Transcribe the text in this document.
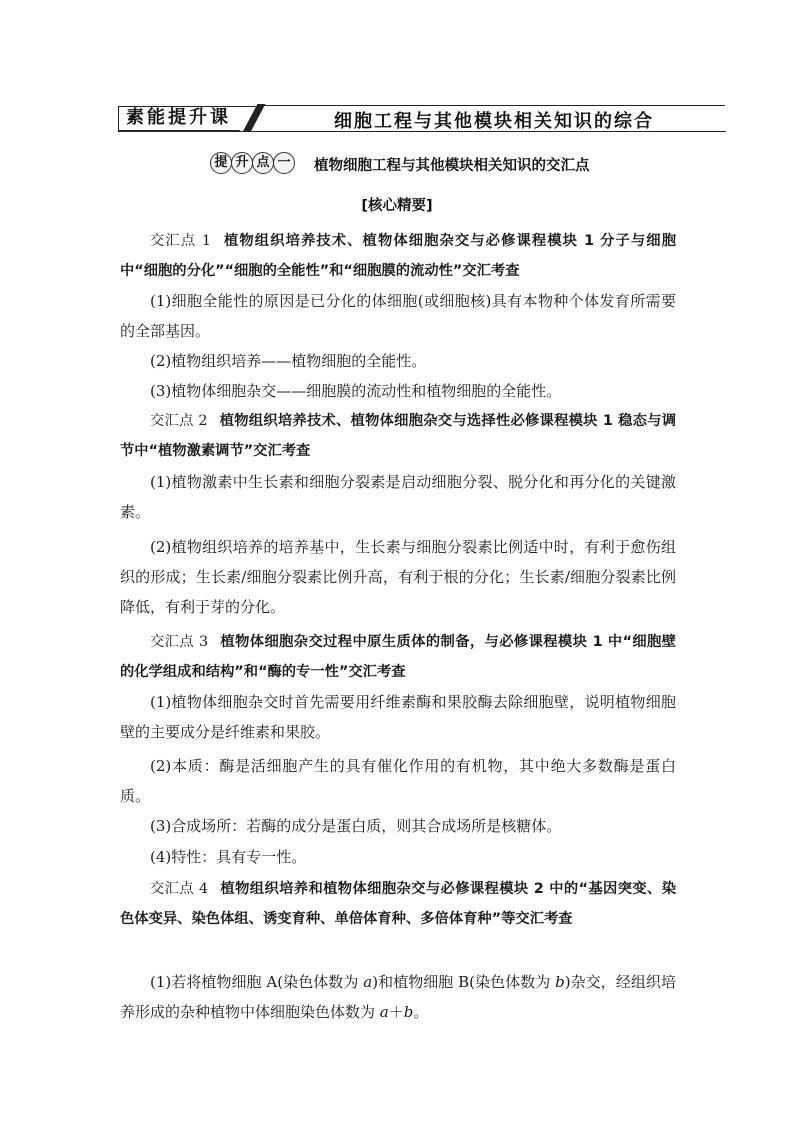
素能提升课	细胞工程与其他模块相关知识的综合
提 升 点 一	植物细胞工程与其他模块相关知识的交汇点
[核心精要]

交汇点 1 植物组织培养技术、植物体细胞杂交与必修课程模块 1 分子与细胞中“细胞的分化”“细胞的全能性”和“细胞膜的流动性”交汇考查

(1)细胞全能性的原因是已分化的体细胞(或细胞核)具有本物种个体发育所需要的全部基因。

(2)植物组织培养——植物细胞的全能性。

(3)植物体细胞杂交——细胞膜的流动性和植物细胞的全能性。

交汇点 2 植物组织培养技术、植物体细胞杂交与选择性必修课程模块 1 稳态与调节中“植物激素调节”交汇考查

(1)植物激素中生长素和细胞分裂素是启动细胞分裂、脱分化和再分化的关键激素。

(2)植物组织培养的培养基中，生长素与细胞分裂素比例适中时，有利于愈伤组织的形成；生长素/细胞分裂素比例升高，有利于根的分化；生长素/细胞分裂素比例降低，有利于芽的分化。

交汇点 3 植物体细胞杂交过程中原生质体的制备，与必修课程模块 1 中“细胞壁的化学组成和结构”和“酶的专一性”交汇考查

(1)植物体细胞杂交时首先需要用纤维素酶和果胶酶去除细胞壁，说明植物细胞壁的主要成分是纤维素和果胶。

(2)本质：酶是活细胞产生的具有催化作用的有机物，其中绝大多数酶是蛋白质。

(3)合成场所：若酶的成分是蛋白质，则其合成场所是核糖体。

(4)特性：具有专一性。

交汇点 4 植物组织培养和植物体细胞杂交与必修课程模块 2 中的“基因突变、染色体变异、染色体组、诱变育种、单倍体育种、多倍体育种”等交汇考查

(1)若将植物细胞 A(染色体数为 a)和植物细胞 B(染色体数为 b)杂交，经组织培养形成的杂种植物中体细胞染色体数为 a＋b。
